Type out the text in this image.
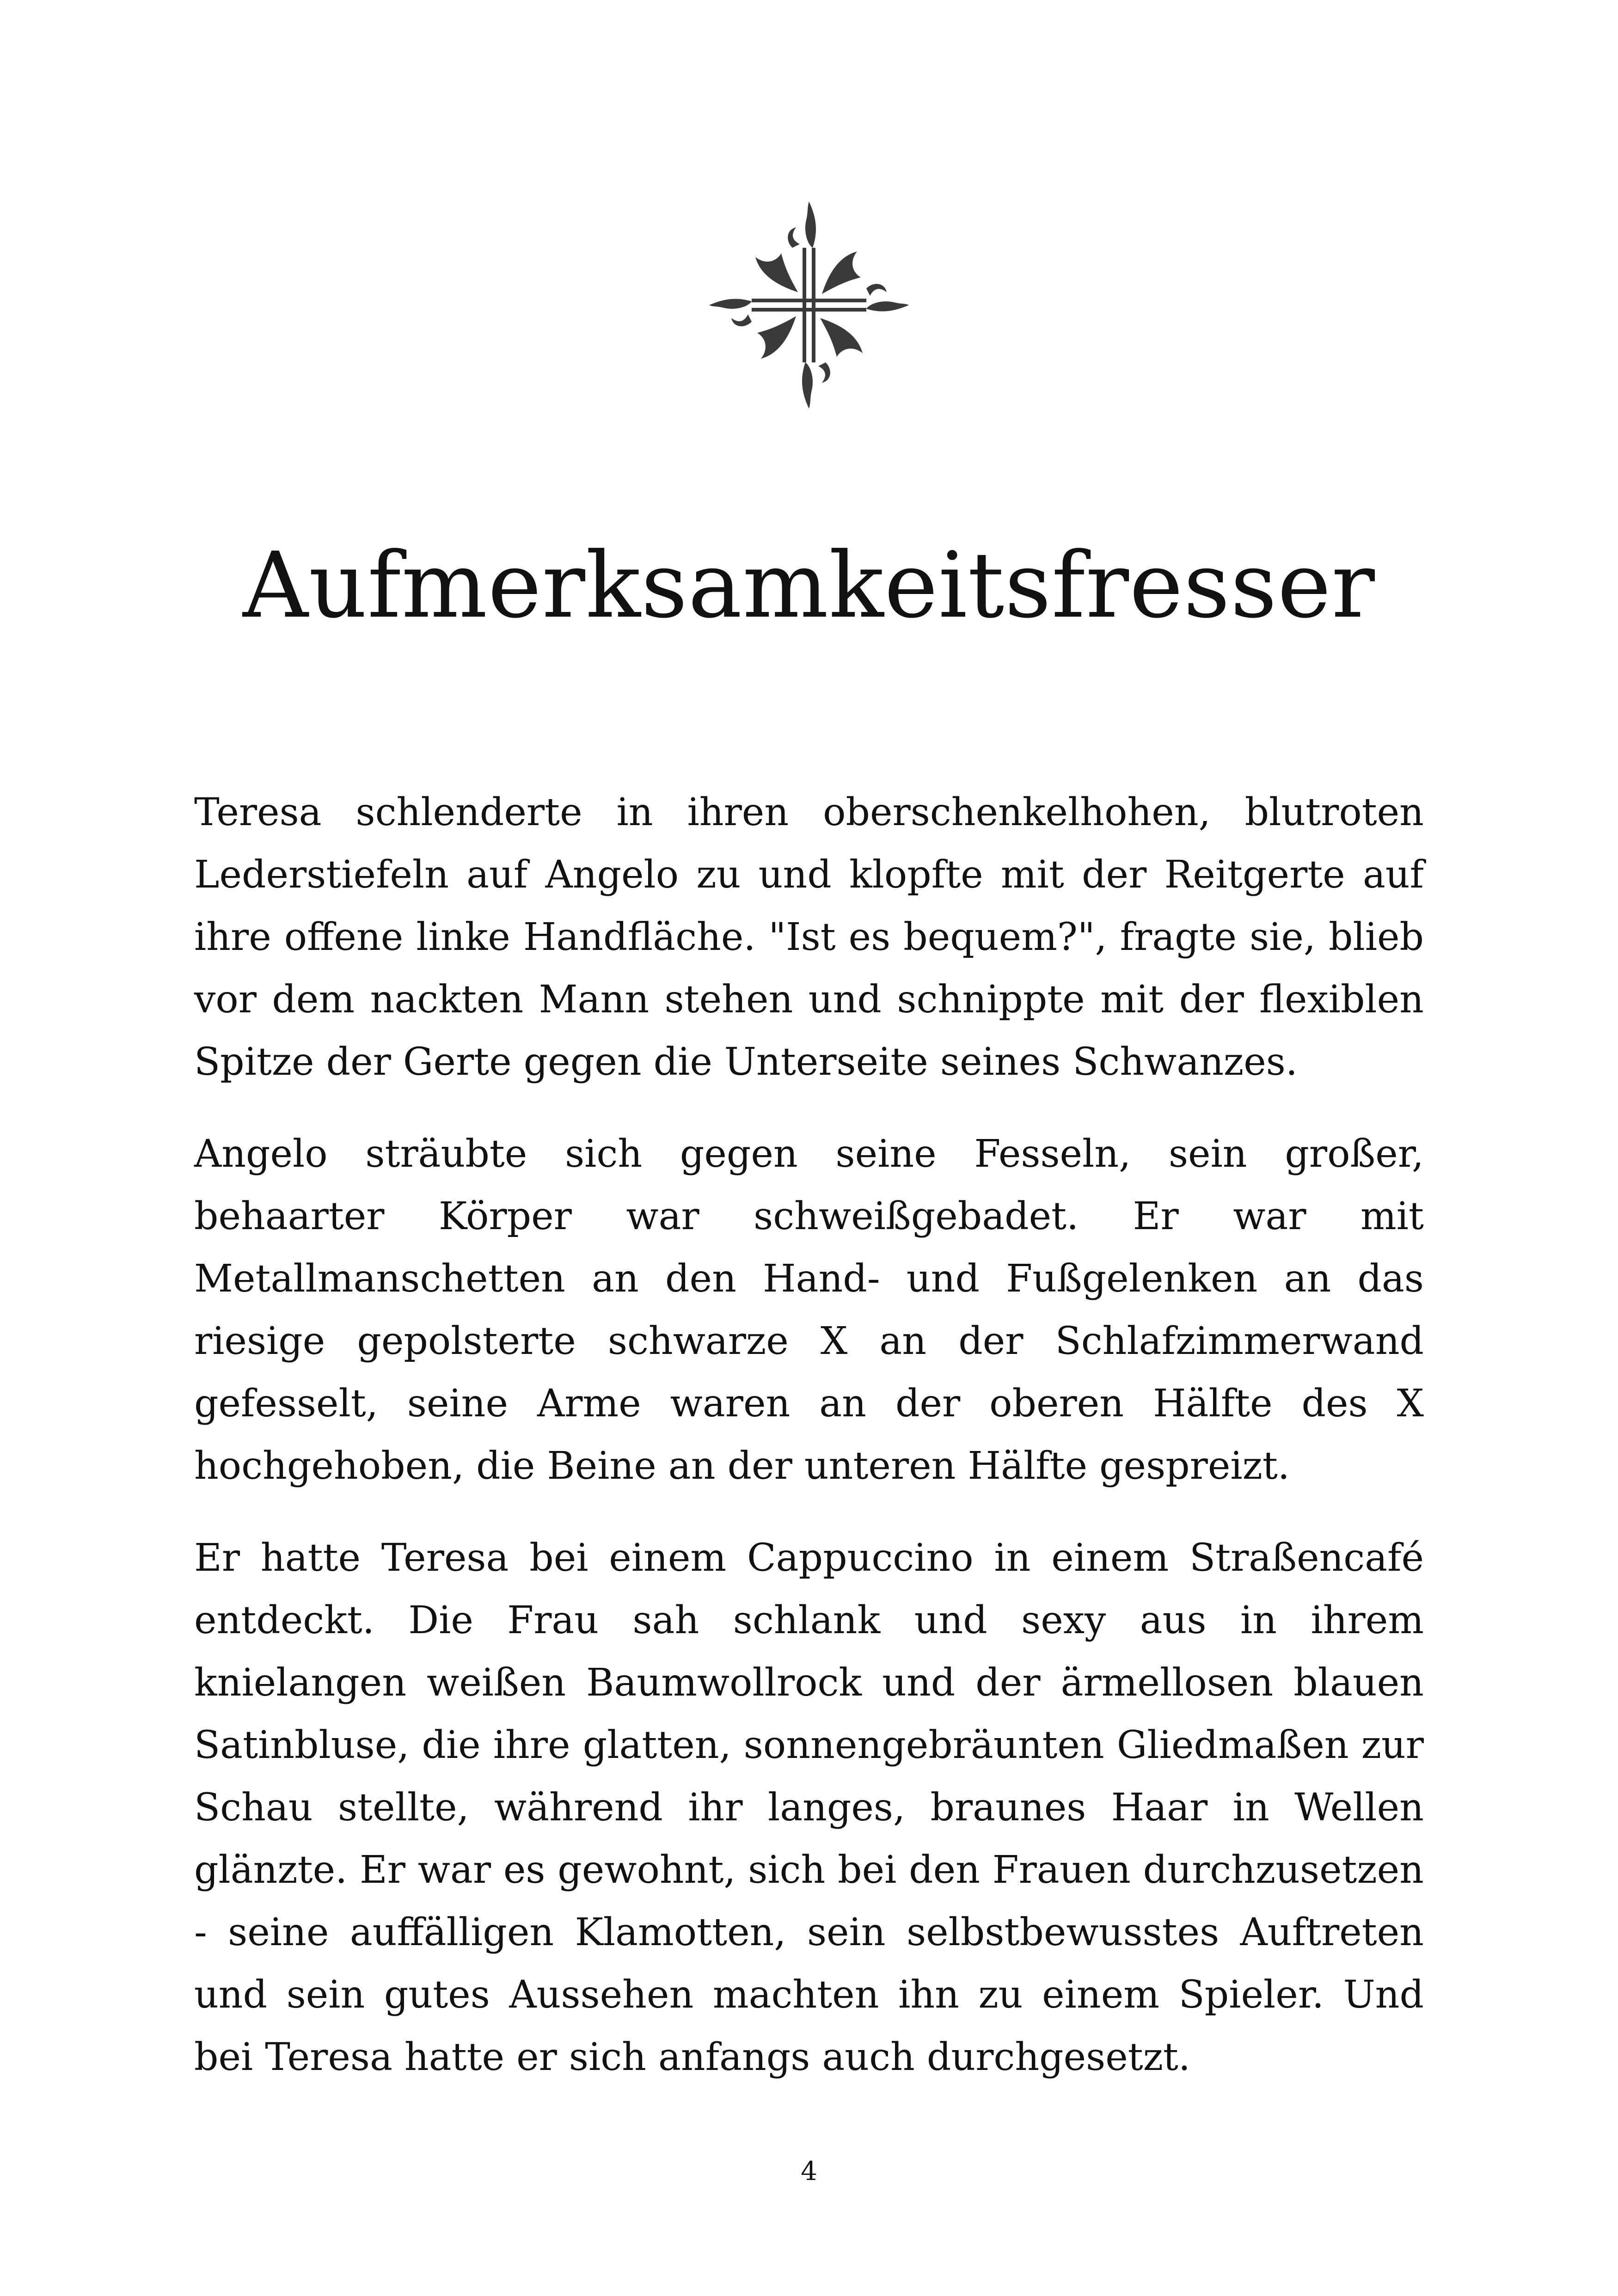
Aufmerksamkeitsfresser

Teresa schlenderte in ihren oberschenkelhohen, blutroten Lederstiefeln auf Angelo zu und klopfte mit der Reitgerte auf ihre offene linke Handfläche. "Ist es bequem?", fragte sie, blieb vor dem nackten Mann stehen und schnippte mit der flexiblen Spitze der Gerte gegen die Unterseite seines Schwanzes.

Angelo sträubte sich gegen seine Fesseln, sein großer, behaarter Körper war schweißgebadet. Er war mit Metallmanschetten an den Hand- und Fußgelenken an das riesige gepolsterte schwarze X an der Schlafzimmerwand gefesselt, seine Arme waren an der oberen Hälfte des X hochgehoben, die Beine an der unteren Hälfte gespreizt.

Er hatte Teresa bei einem Cappuccino in einem Straßencafé entdeckt. Die Frau sah schlank und sexy aus in ihrem knielangen weißen Baumwollrock und der ärmellosen blauen Satinbluse, die ihre glatten, sonnengebräunten Gliedmaßen zur Schau stellte, während ihr langes, braunes Haar in Wellen glänzte. Er war es gewohnt, sich bei den Frauen durchzusetzen - seine auffälligen Klamotten, sein selbstbewusstes Auftreten und sein gutes Aussehen machten ihn zu einem Spieler. Und bei Teresa hatte er sich anfangs auch durchgesetzt.

4
